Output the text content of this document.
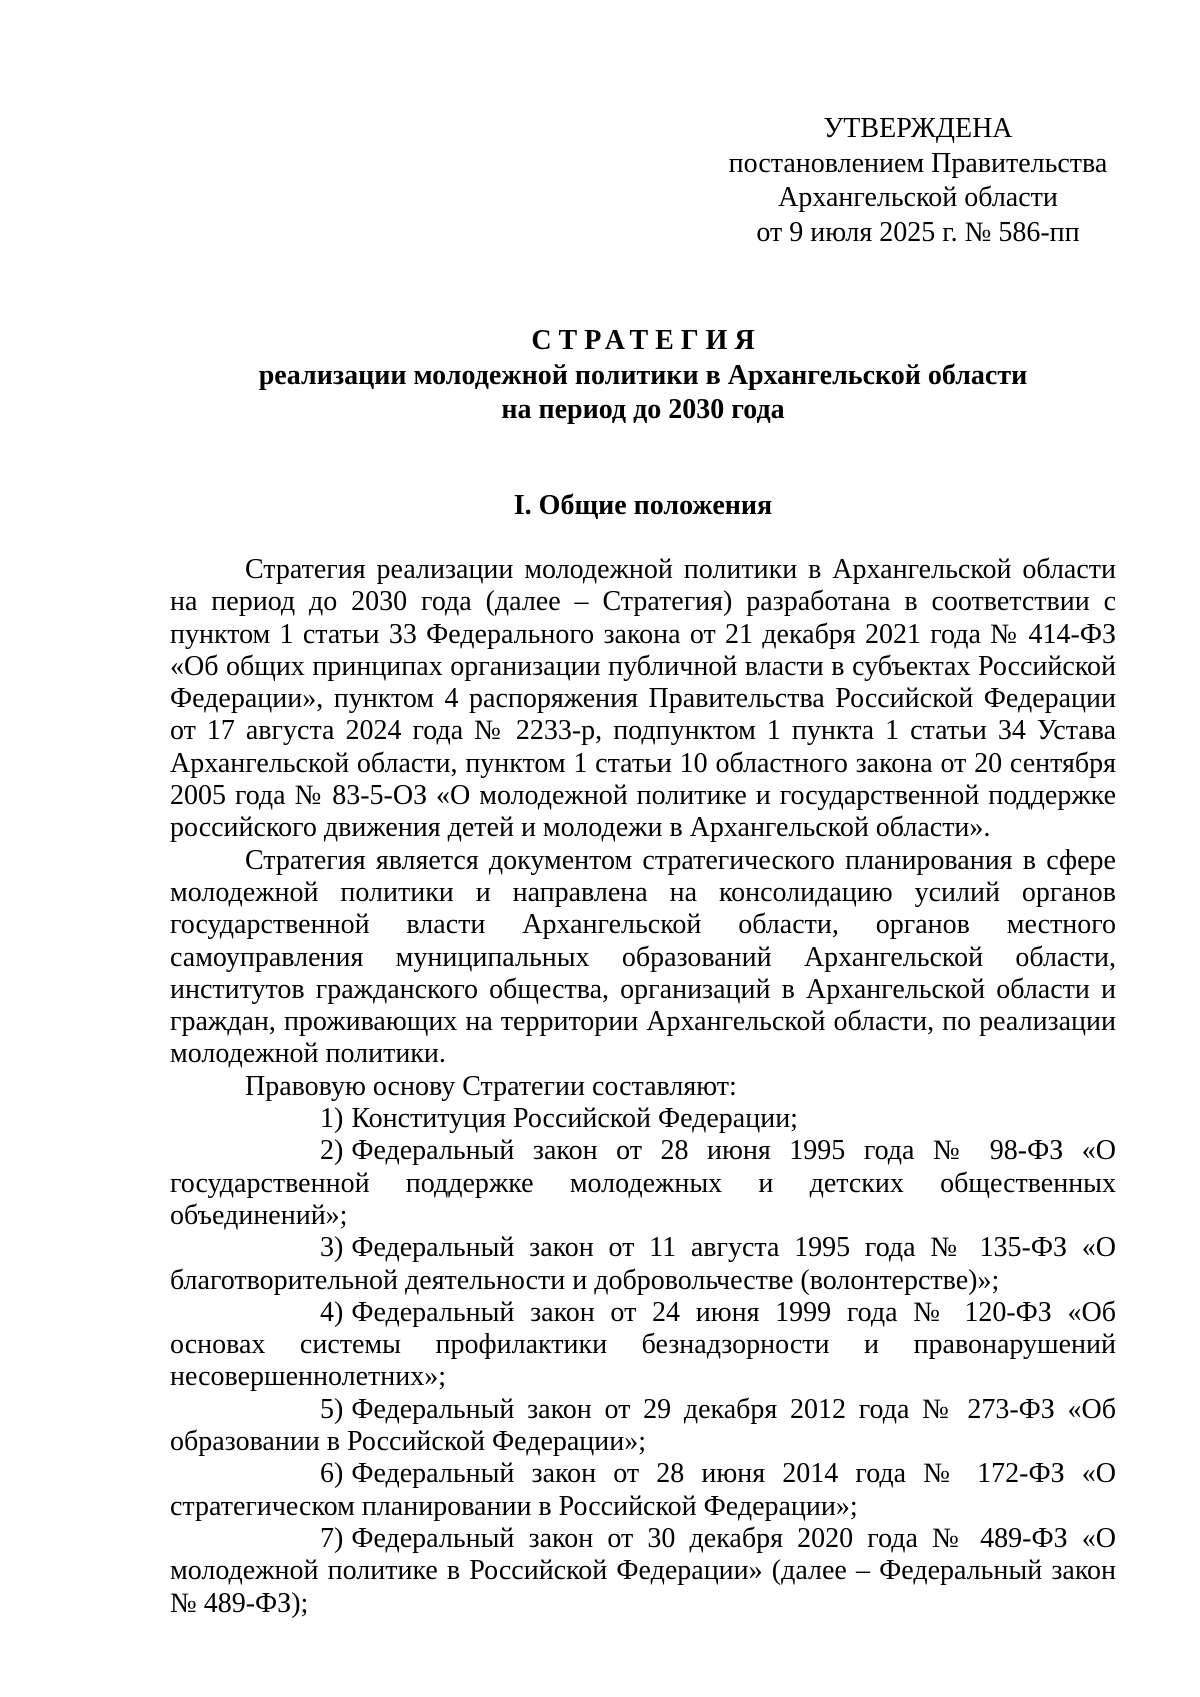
УТВЕРЖДЕНА
постановлением Правительства
Архангельской области
от 9 июля 2025 г. № 586-пп
СТРАТЕГИЯ
реализации молодежной политики в Архангельской области
на период до 2030 года
I. Общие положения

Стратегия реализации молодежной политики в Архангельской области на период до 2030 года (далее – Стратегия) разработана в соответствии с пунктом 1 статьи 33 Федерального закона от 21 декабря 2021 года № 414-ФЗ «Об общих принципах организации публичной власти в субъектах Российской Федерации», пунктом 4 распоряжения Правительства Российской Федерации от 17 августа 2024 года № 2233-р, подпунктом 1 пункта 1 статьи 34 Устава Архангельской области, пунктом 1 статьи 10 областного закона от 20 сентября 2005 года № 83-5-ОЗ «О молодежной политике и государственной поддержке российского движения детей и молодежи в Архангельской области».

Стратегия является документом стратегического планирования в сфере молодежной политики и направлена на консолидацию усилий органов государственной власти Архангельской области, органов местного самоуправления муниципальных образований Архангельской области, институтов гражданского общества, организаций в Архангельской области и граждан, проживающих на территории Архангельской области, по реализации молодежной политики.

Правовую основу Стратегии составляют:

1) Конституция Российской Федерации;

2) Федеральный закон от 28 июня 1995 года № 98-ФЗ «О государственной поддержке молодежных и детских общественных объединений»;

3) Федеральный закон от 11 августа 1995 года № 135-ФЗ «О благотворительной деятельности и добровольчестве (волонтерстве)»;

4) Федеральный закон от 24 июня 1999 года № 120-ФЗ «Об основах системы профилактики безнадзорности и правонарушений несовершеннолетних»;

5) Федеральный закон от 29 декабря 2012 года № 273-ФЗ «Об образовании в Российской Федерации»;

6) Федеральный закон от 28 июня 2014 года № 172-ФЗ «О стратегическом планировании в Российской Федерации»;

7) Федеральный закон от 30 декабря 2020 года № 489-ФЗ «О молодежной политике в Российской Федерации» (далее – Федеральный закон № 489-ФЗ);
